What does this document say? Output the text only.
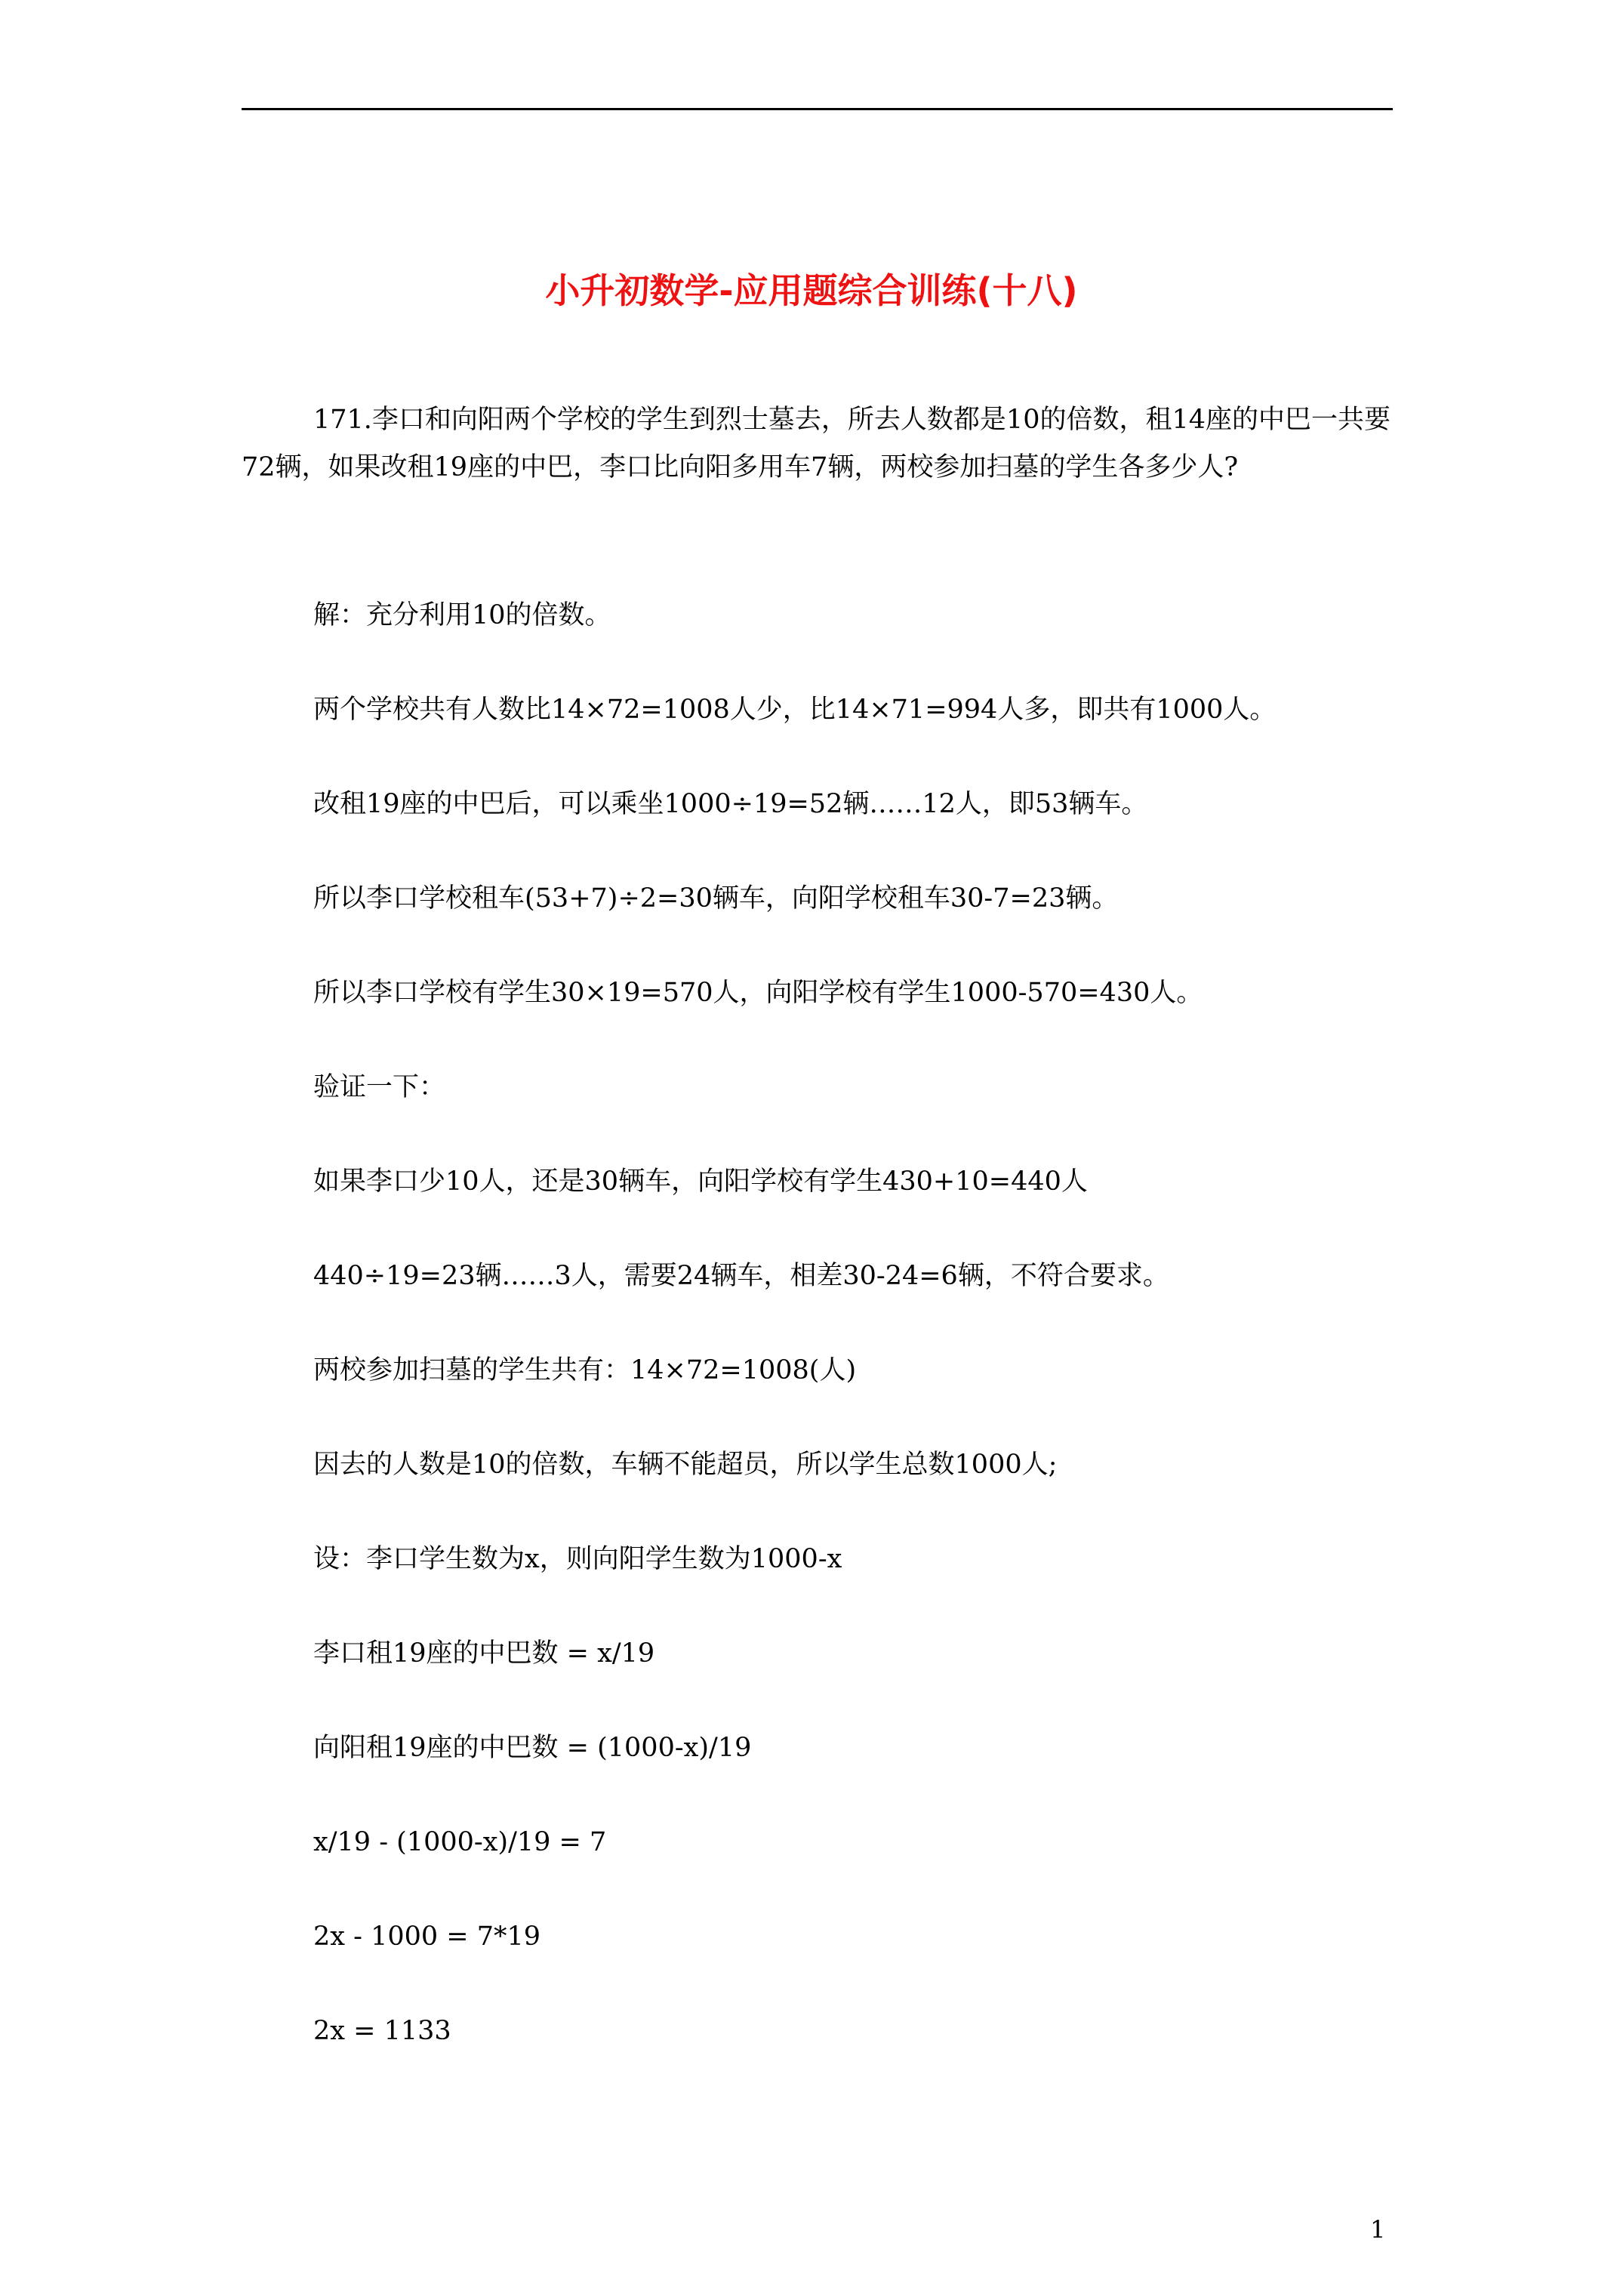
小升初数学-应用题综合训练(十八)

171.李口和向阳两个学校的学生到烈士墓去，所去人数都是10的倍数，租14座的中巴一共要72辆，如果改租19座的中巴，李口比向阳多用车7辆，两校参加扫墓的学生各多少人?

解：充分利用10的倍数。

两个学校共有人数比14×72=1008人少，比14×71=994人多，即共有1000人。

改租19座的中巴后，可以乘坐1000÷19=52辆……12人，即53辆车。

所以李口学校租车(53+7)÷2=30辆车，向阳学校租车30-7=23辆。

所以李口学校有学生30×19=570人，向阳学校有学生1000-570=430人。

验证一下：

如果李口少10人，还是30辆车，向阳学校有学生430+10=440人

440÷19=23辆……3人，需要24辆车，相差30-24=6辆，不符合要求。

两校参加扫墓的学生共有：14×72=1008(人)

因去的人数是10的倍数，车辆不能超员，所以学生总数1000人;

设：李口学生数为x，则向阳学生数为1000-x

李口租19座的中巴数 = x/19

向阳租19座的中巴数 = (1000-x)/19

x/19 - (1000-x)/19 = 7

2x - 1000 = 7*19

2x = 1133

1
